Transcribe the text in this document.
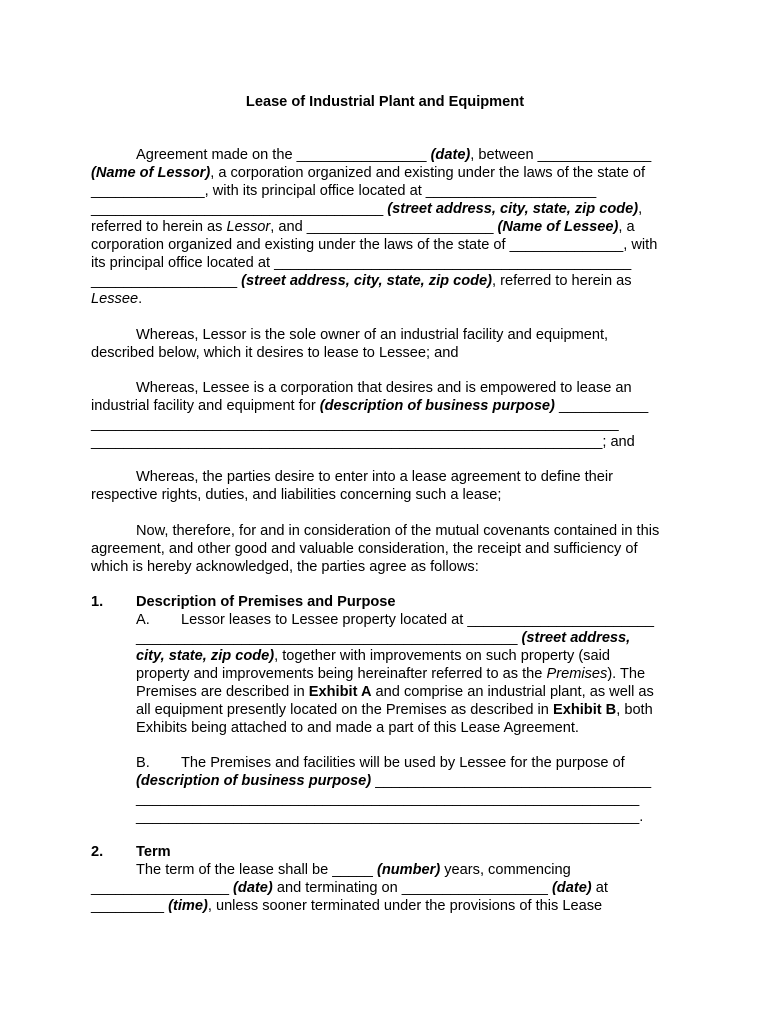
Lease of Industrial Plant and Equipment
Agreement made on the ________________ (date), between ______________
(Name of Lessor), a corporation organized and existing under the laws of the state of
______________, with its principal office located at _____________________
____________________________________ (street address, city, state, zip code),
referred to herein as Lessor, and _______________________ (Name of Lessee), a
corporation organized and existing under the laws of the state of ______________, with
its principal office located at ____________________________________________
__________________ (street address, city, state, zip code), referred to herein as
Lessee.
Whereas, Lessor is the sole owner of an industrial facility and equipment,
described below, which it desires to lease to Lessee; and
Whereas, Lessee is a corporation that desires and is empowered to lease an
industrial facility and equipment for (description of business purpose) ___________
_________________________________________________________________
_______________________________________________________________; and
Whereas, the parties desire to enter into a lease agreement to define their
respective rights, duties, and liabilities concerning such a lease;
Now, therefore, for and in consideration of the mutual covenants contained in this
agreement, and other good and valuable consideration, the receipt and sufficiency of
which is hereby acknowledged, the parties agree as follows:
1. Description of Premises and Purpose
A. Lessor leases to Lessee property located at _______________________
_______________________________________________ (street address,
city, state, zip code), together with improvements on such property (said
property and improvements being hereinafter referred to as the Premises). The
Premises are described in Exhibit A and comprise an industrial plant, as well as
all equipment presently located on the Premises as described in Exhibit B, both
Exhibits being attached to and made a part of this Lease Agreement.
B. The Premises and facilities will be used by Lessee for the purpose of
(description of business purpose) __________________________________
______________________________________________________________
______________________________________________________________.
2. Term
The term of the lease shall be _____ (number) years, commencing
_________________ (date) and terminating on __________________ (date) at
_________ (time), unless sooner terminated under the provisions of this Lease
